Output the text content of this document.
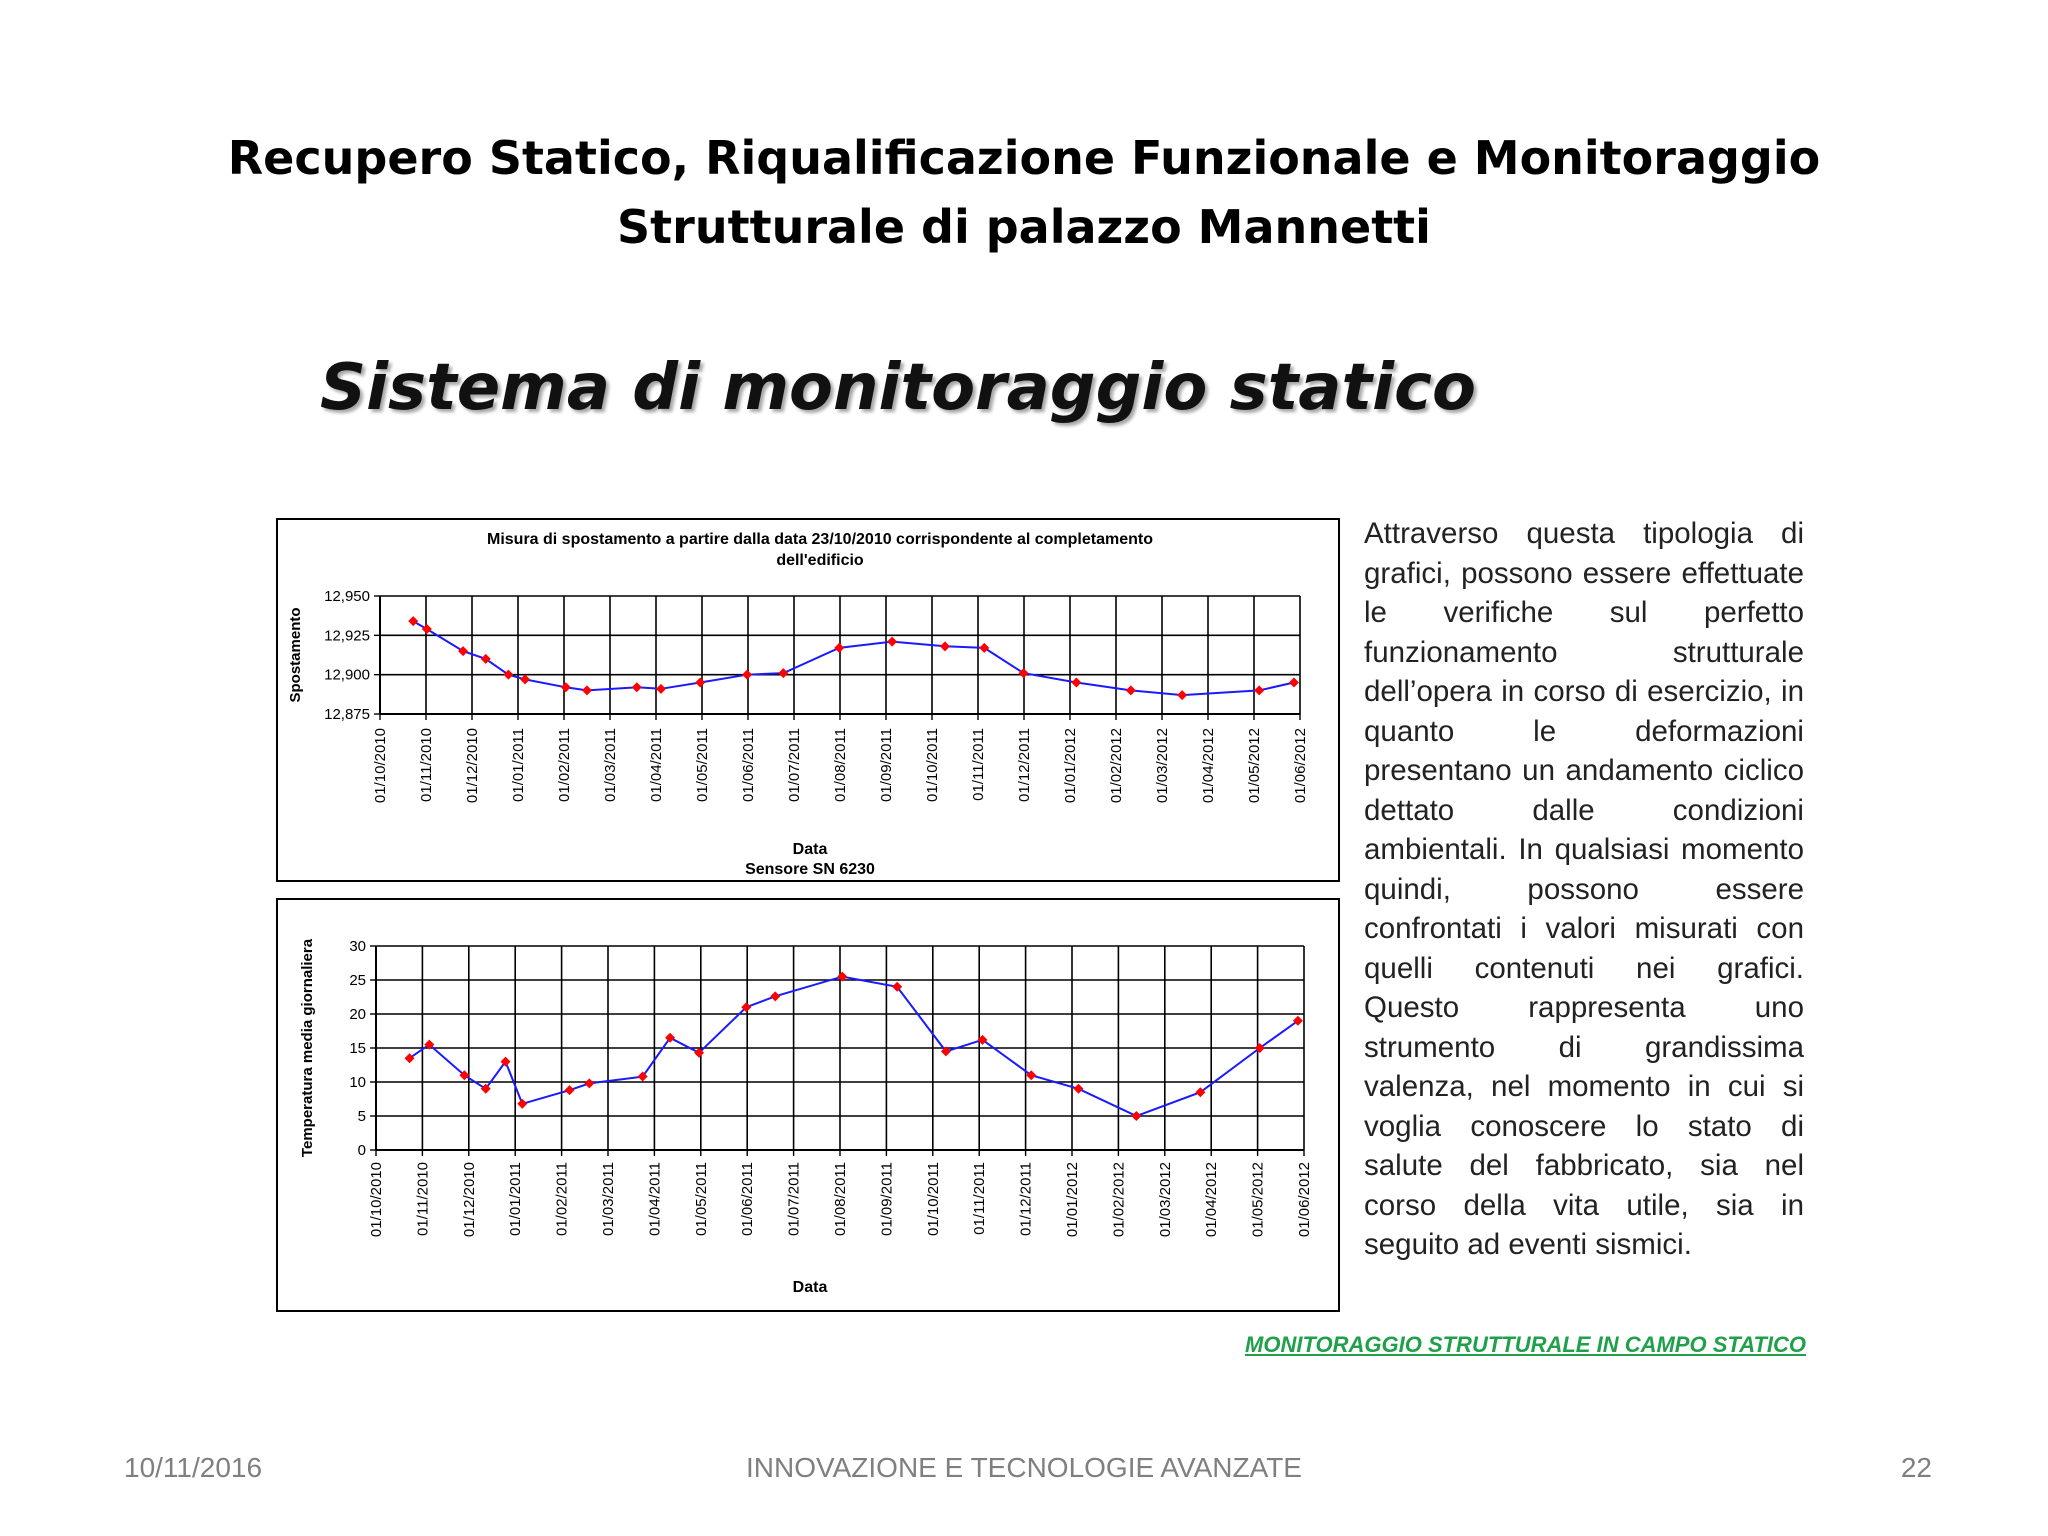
Recupero Statico, Riqualificazione Funzionale e Monitoraggio Strutturale di palazzo Mannetti
Sistema di monitoraggio statico
Misura di spostamento a partire dalla data 23/10/2010 corrispondente al completamento dell'edificio
01/10/2010 01/11/2010 01/12/2010 01/01/2011 01/02/2011 01/03/2011 01/04/2011 01/05/2011 01/06/2011 01/07/2011 01/08/2011 01/09/2011 01/10/2011 01/11/2011 01/12/2011 01/01/2012 01/02/2012 01/03/2012 01/04/2012 01/05/2012 01/06/2012
12,950
12,925
12,900
12,875
Spostamento
Data
Sensore SN 6230
01/10/2010 01/11/2010 01/12/2010 01/01/2011 01/02/2011 01/03/2011 01/04/2011 01/05/2011 01/06/2011 01/07/2011 01/08/2011 01/09/2011 01/10/2011 01/11/2011 01/12/2011 01/01/2012 01/02/2012 01/03/2012 01/04/2012 01/05/2012 01/06/2012
30
25
20
15
10
5
0
Temperatura media giornaliera
Data

Attraverso questa tipologia di grafici, possono essere effettuate le verifiche sul perfetto funzionamento strutturale dell’opera in corso di esercizio, in quanto le deformazioni presentano un andamento ciclico dettato dalle condizioni ambientali. In qualsiasi momento quindi, possono essere confrontati i valori misurati con quelli contenuti nei grafici. Questo rappresenta uno strumento di grandissima valenza, nel momento in cui si voglia conoscere lo stato di salute del fabbricato, sia nel corso della vita utile, sia in seguito ad eventi sismici.

MONITORAGGIO STRUTTURALE IN CAMPO STATICO
10/11/2016	INNOVAZIONE E TECNOLOGIE AVANZATE	22
